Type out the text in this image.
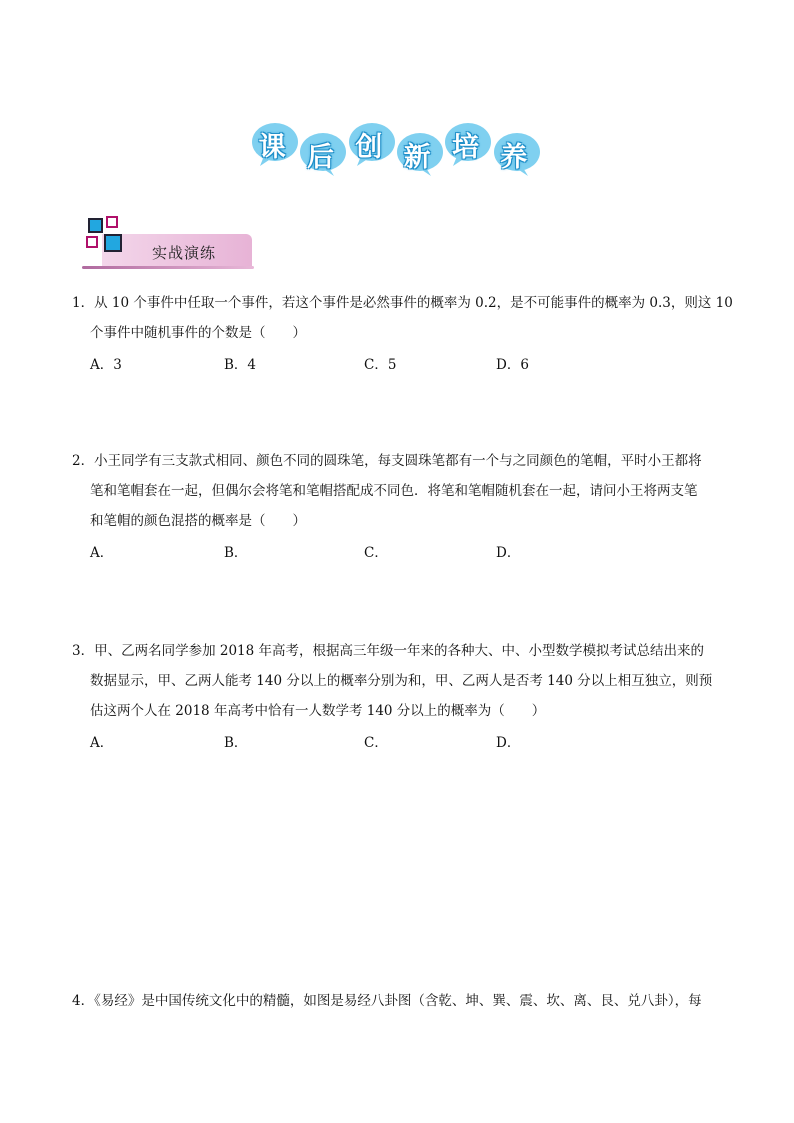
课 后 创 新 培 养
实战演练
1．从 10 个事件中任取一个事件，若这个事件是必然事件的概率为 0.2，是不可能事件的概率为 0.3，则这 10
个事件中随机事件的个数是（　　）
A．3	B．4	C．5	D．6
2．小王同学有三支款式相同、颜色不同的圆珠笔，每支圆珠笔都有一个与之同颜色的笔帽，平时小王都将
笔和笔帽套在一起，但偶尔会将笔和笔帽搭配成不同色．将笔和笔帽随机套在一起，请问小王将两支笔
和笔帽的颜色混搭的概率是（　　）
A．	B．	C．	D．
3．甲、乙两名同学参加 2018 年高考，根据高三年级一年来的各种大、中、小型数学模拟考试总结出来的
数据显示，甲、乙两人能考 140 分以上的概率分别为和，甲、乙两人是否考 140 分以上相互独立，则预
估这两个人在 2018 年高考中恰有一人数学考 140 分以上的概率为（　　）
A．	B．	C．	D．
4．《易经》是中国传统文化中的精髓，如图是易经八卦图（含乾、坤、巽、震、坎、离、艮、兑八卦），每
